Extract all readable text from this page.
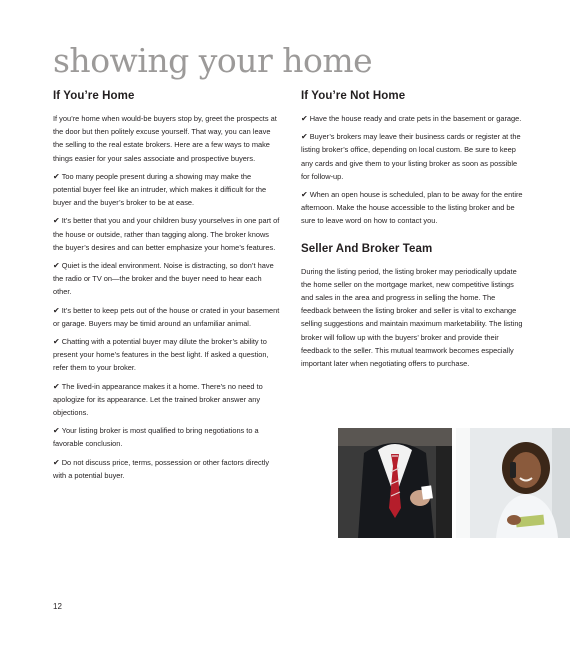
showing your home
If You’re Home

If you’re home when would-be buyers stop by, greet the prospects at the door but then politely excuse yourself. That way, you can leave the selling to the real estate brokers. Here are a few ways to make things easier for your sales associate and prospective buyers.

✔ Too many people present during a showing may make the potential buyer feel like an intruder, which makes it difficult for the buyer and the buyer’s broker to be at ease.

✔ It’s better that you and your children busy yourselves in one part of the house or outside, rather than tagging along. The broker knows the buyer’s desires and can better emphasize your home’s features.

✔ Quiet is the ideal environment. Noise is distracting, so don’t have the radio or TV on—the broker and the buyer need to hear each other.

✔ It’s better to keep pets out of the house or crated in your basement or garage. Buyers may be timid around an unfamiliar animal.

✔ Chatting with a potential buyer may dilute the broker’s ability to present your home’s features in the best light. If asked a question, refer them to your broker.

✔ The lived-in appearance makes it a home. There’s no need to apologize for its appearance. Let the trained broker answer any objections.

✔ Your listing broker is most qualified to bring negotiations to a favorable conclusion.

✔ Do not discuss price, terms, possession or other factors directly with a potential buyer.

If You’re Not Home

✔ Have the house ready and crate pets in the basement or garage.

✔ Buyer’s brokers may leave their business cards or register at the listing broker’s office, depending on local custom. Be sure to keep any cards and give them to your listing broker as soon as possible for follow-up.

✔ When an open house is scheduled, plan to be away for the entire afternoon. Make the house accessible to the listing broker and be sure to leave word on how to contact you.

Seller And Broker Team

During the listing period, the listing broker may periodically update the home seller on the mortgage market, new competitive listings and sales in the area and progress in selling the home. The feedback between the listing broker and seller is vital to exchange selling suggestions and maintain maximum marketability. The listing broker will follow up with the buyers’ broker and provide their feedback to the seller. This mutual teamwork becomes especially important later when negotiating offers to purchase.

12
